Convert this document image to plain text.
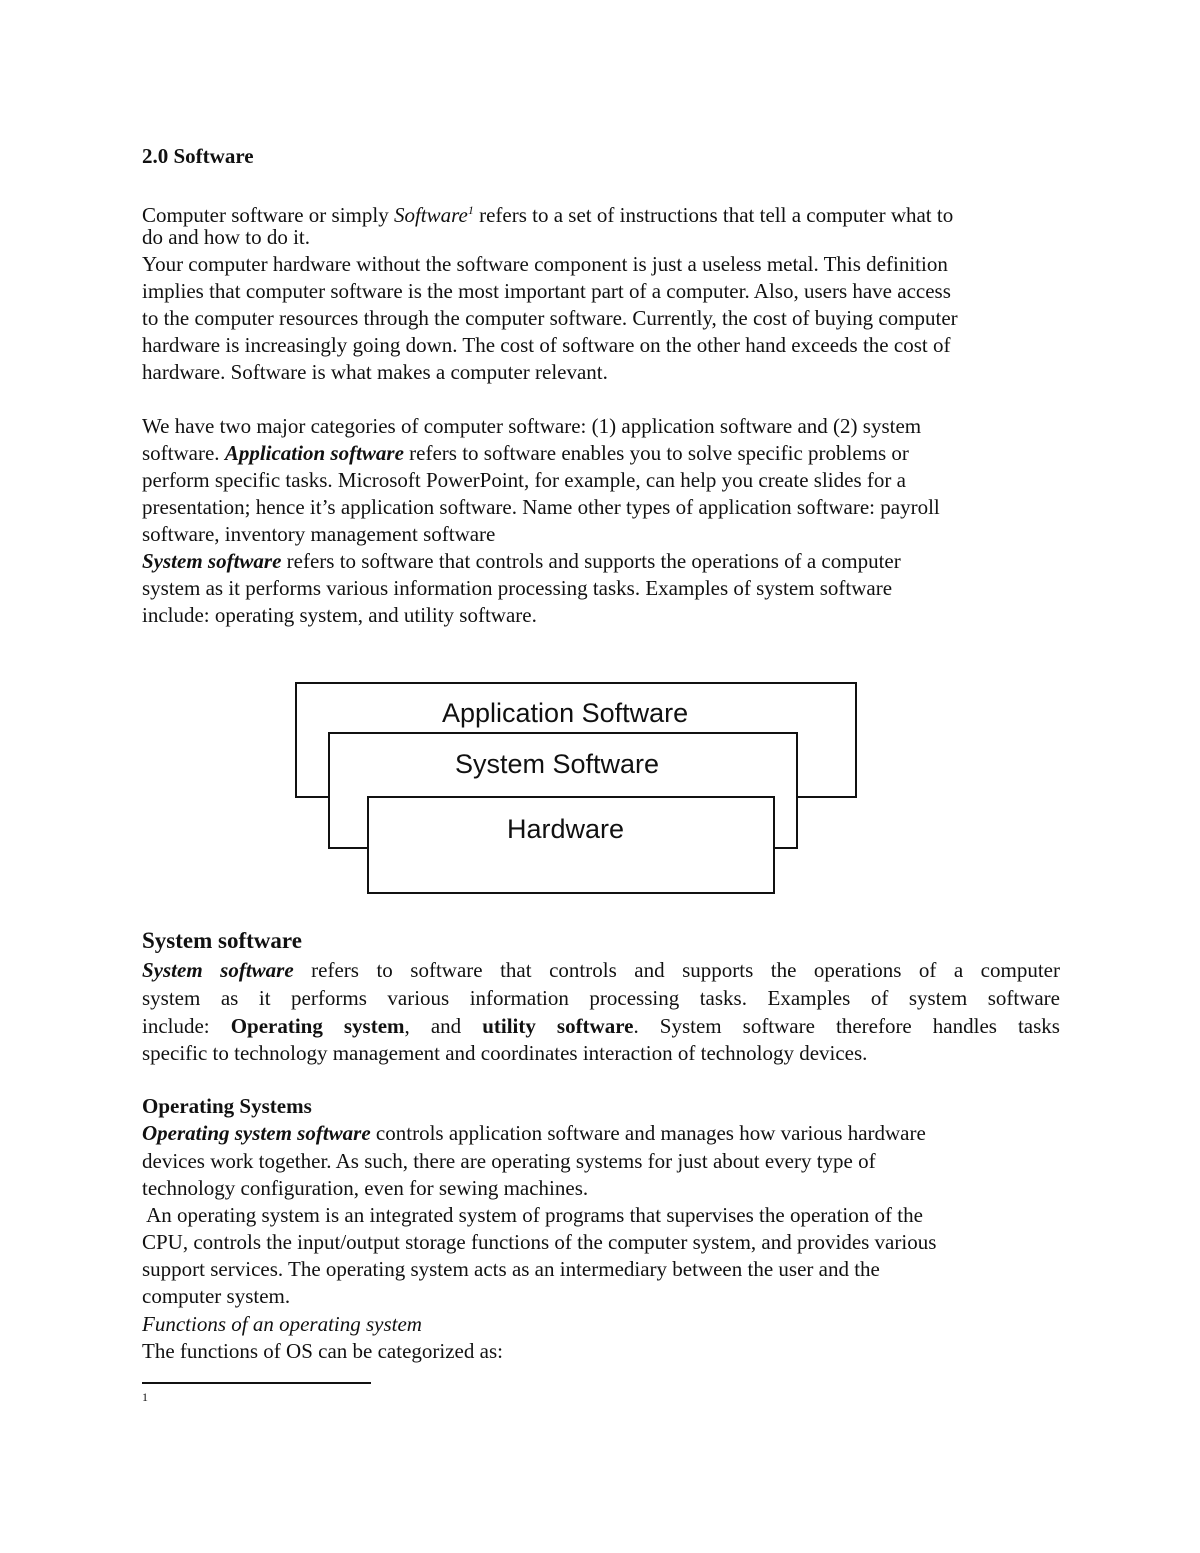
2.0 Software
Computer software or simply Software$^1$ refers to a set of instructions that tell a computer what to
do and how to do it.
Your computer hardware without the software component is just a useless metal. This definition
implies that computer software is the most important part of a computer. Also, users have access
to the computer resources through the computer software. Currently, the cost of buying computer
hardware is increasingly going down. The cost of software on the other hand exceeds the cost of
hardware. Software is what makes a computer relevant.
We have two major categories of computer software: (1) application software and (2) system
software. Application software refers to software enables you to solve specific problems or
perform specific tasks. Microsoft PowerPoint, for example, can help you create slides for a
presentation; hence it’s application software. Name other types of application software: payroll
software, inventory management software
System software refers to software that controls and supports the operations of a computer
system as it performs various information processing tasks. Examples of system software
include: operating system, and utility software.
Application Software
System Software
Hardware
System software
System software refers to software that controls and supports the operations of a computer
system as it performs various information processing tasks. Examples of system software
include: Operating system, and utility software. System software therefore handles tasks
specific to technology management and coordinates interaction of technology devices.
Operating Systems
Operating system software controls application software and manages how various hardware
devices work together. As such, there are operating systems for just about every type of
technology configuration, even for sewing machines.
An operating system is an integrated system of programs that supervises the operation of the
CPU, controls the input/output storage functions of the computer system, and provides various
support services. The operating system acts as an intermediary between the user and the
computer system.
Functions of an operating system
The functions of OS can be categorized as:
1
